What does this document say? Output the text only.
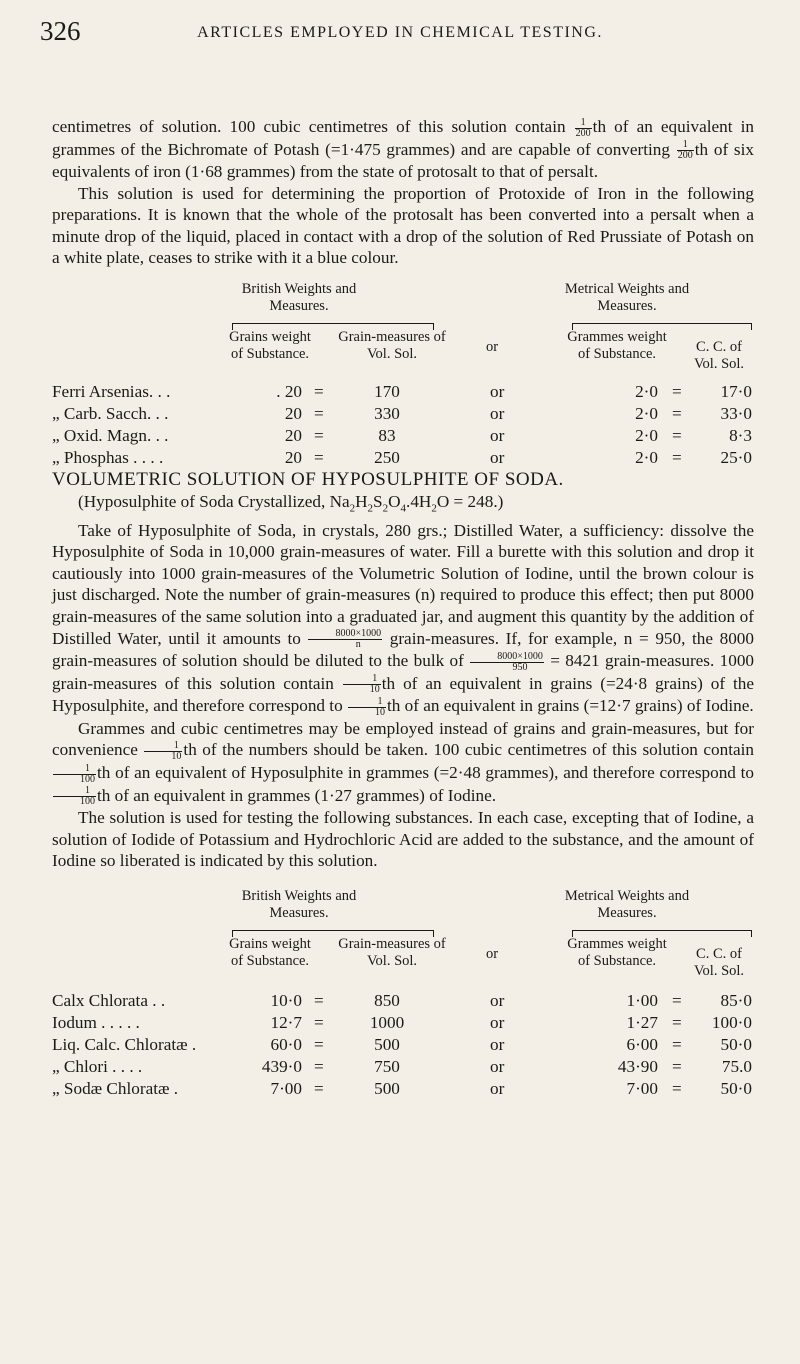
326	ARTICLES EMPLOYED IN CHEMICAL TESTING.

centimetres of solution. 100 cubic centimetres of this solution contain $\frac{1}{200}$ th of an equivalent in grammes of the Bichromate of Potash (=1·475 grammes) and are capable of converting $\frac{1}{200}$ th of six equivalents of iron (1·68 grammes) from the state of protosalt to that of persalt.

This solution is used for determining the proportion of Protoxide of Iron in the following preparations. It is known that the whole of the protosalt has been converted into a persalt when a minute drop of the liquid, placed in contact with a drop of the solution of Red Prussiate of Potash on a white plate, ceases to strike with it a blue colour.

British Weights and Measures.
Metrical Weights and Measures.
Grains weight of Substance.
Grain-measures of Vol. Sol.	or
Grammes weight of Substance.	C. C. of Vol. Sol.
Ferri Arsenias. . .	. 20 =	170	or	2·0 =	17·0
„ Carb. Sacch. . .	20 =	330	or	2·0 =	33·0
„ Oxid. Magn. . .	20 =	83	or	2·0 =	8·3
„ Phosphas . . . .	20 =	250	or	2·0 =	25·0

VOLUMETRIC SOLUTION OF HYPOSULPHITE OF SODA.

(Hyposulphite of Soda Crystallized, $Na_2H_2S_2O_4.4H_2O = 248$.)

Take of Hyposulphite of Soda, in crystals, 280 grs.; Distilled Water, a sufficiency: dissolve the Hyposulphite of Soda in 10,000 grain-measures of water. Fill a burette with this solution and drop it cautiously into 1000 grain-measures of the Volumetric Solution of Iodine, until the brown colour is just discharged. Note the number of grain-measures (n) required to produce this effect; then put 8000 grain-measures of the same solution into a graduated jar, and augment this quantity by the addition of Distilled Water, until it amounts to $\frac{8000\times 1000}{n}$ grain-measures. If, for example, n = 950, the 8000 grain-measures of solution should be diluted to the bulk of $\frac{8000\times 1000}{950} = 8421$ grain-measures. 1000 grain-measures of this solution contain $\frac{1}{10}$ th of an equivalent in grains (=24·8 grains) of the Hyposulphite, and therefore correspond to $\frac{1}{10}$ th of an equivalent in grains (=12·7 grains) of Iodine.

Grammes and cubic centimetres may be employed instead of grains and grain-measures, but for convenience $\frac{1}{10}$ th of the numbers should be taken. 100 cubic centimetres of this solution contain
$\frac{1}{100}$ th of an equivalent of Hyposulphite in grammes (=2·48 grammes), and therefore correspond to
$\frac{1}{100}$ th of an equivalent in grammes (1·27 grammes) of Iodine.

The solution is used for testing the following substances. In each case, excepting that of Iodine, a solution of Iodide of Potassium and Hydrochloric Acid are added to the substance, and the amount of Iodine so liberated is indicated by this solution.

British Weights and Measures.
Metrical Weights and Measures.
Grains weight of Substance.
Grain-measures of Vol. Sol.	or
Grammes weight of Substance.	C. C. of Vol. Sol.
Calx Chlorata . .	10·0 =	850	or	1·00 =	85·0
Iodum . . . . .	12·7 =	1000	or	1·27 =	100·0
Liq. Calc. Chloratæ .	60·0 =	500	or	6·00 =	50·0
„ Chlori . . . .	439·0 =	750	or	43·90 =	75.0
„ Sodæ Chloratæ .	7·00 =	500	or	7·00 =	50·0
